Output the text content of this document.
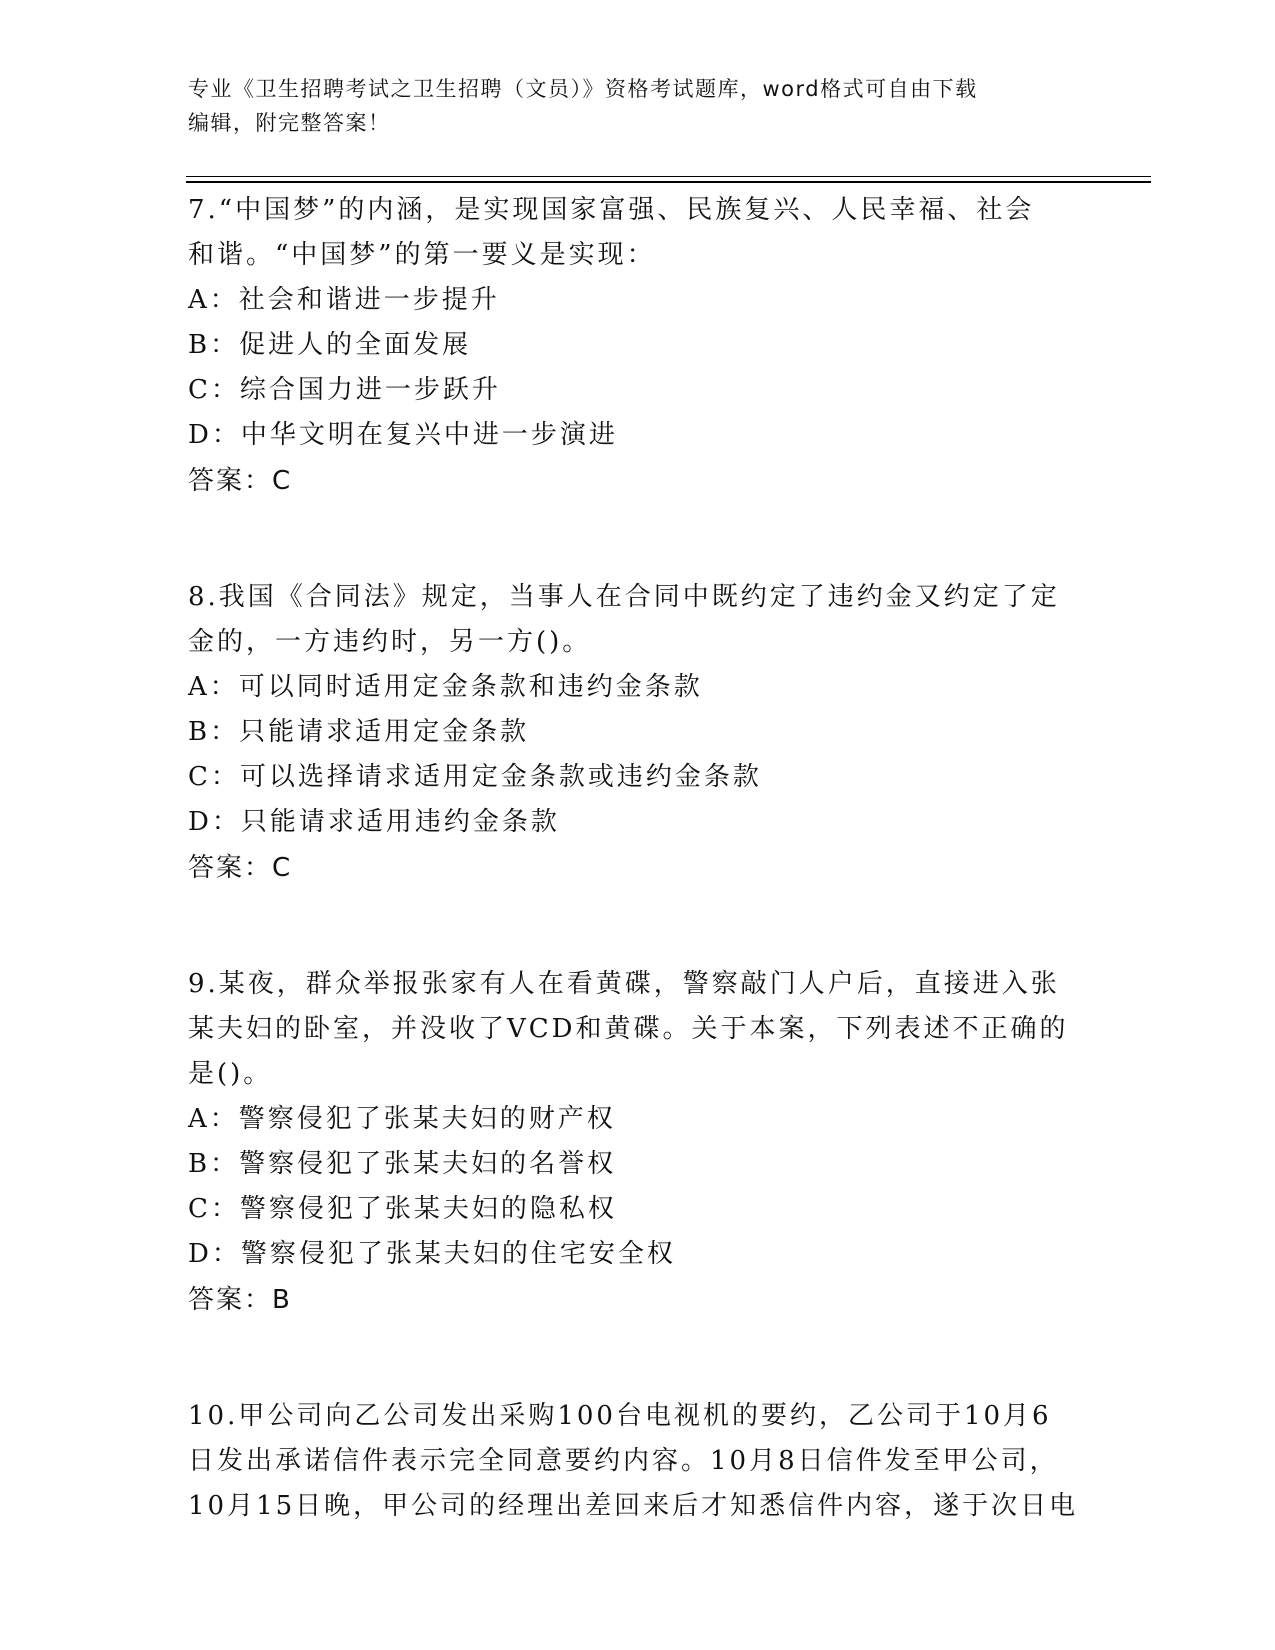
专业《卫生招聘考试之卫生招聘（文员）》资格考试题库，word格式可自由下载
编辑，附完整答案！

7.“中国梦”的内涵，是实现国家富强、民族复兴、人民幸福、社会

和谐。“中国梦”的第一要义是实现：

A：社会和谐进一步提升

B：促进人的全面发展

C：综合国力进一步跃升

D：中华文明在复兴中进一步演进

答案：C

8.我国《合同法》规定，当事人在合同中既约定了违约金又约定了定

金的，一方违约时，另一方()。

A：可以同时适用定金条款和违约金条款

B：只能请求适用定金条款

C：可以选择请求适用定金条款或违约金条款

D：只能请求适用违约金条款

答案：C

9.某夜，群众举报张家有人在看黄碟，警察敲门人户后，直接进入张

某夫妇的卧室，并没收了VCD和黄碟。关于本案，下列表述不正确的

是()。

A：警察侵犯了张某夫妇的财产权

B：警察侵犯了张某夫妇的名誉权

C：警察侵犯了张某夫妇的隐私权

D：警察侵犯了张某夫妇的住宅安全权

答案：B

10.甲公司向乙公司发出采购100台电视机的要约，乙公司于10月6

日发出承诺信件表示完全同意要约内容。10月8日信件发至甲公司，

10月15日晚，甲公司的经理出差回来后才知悉信件内容，遂于次日电
